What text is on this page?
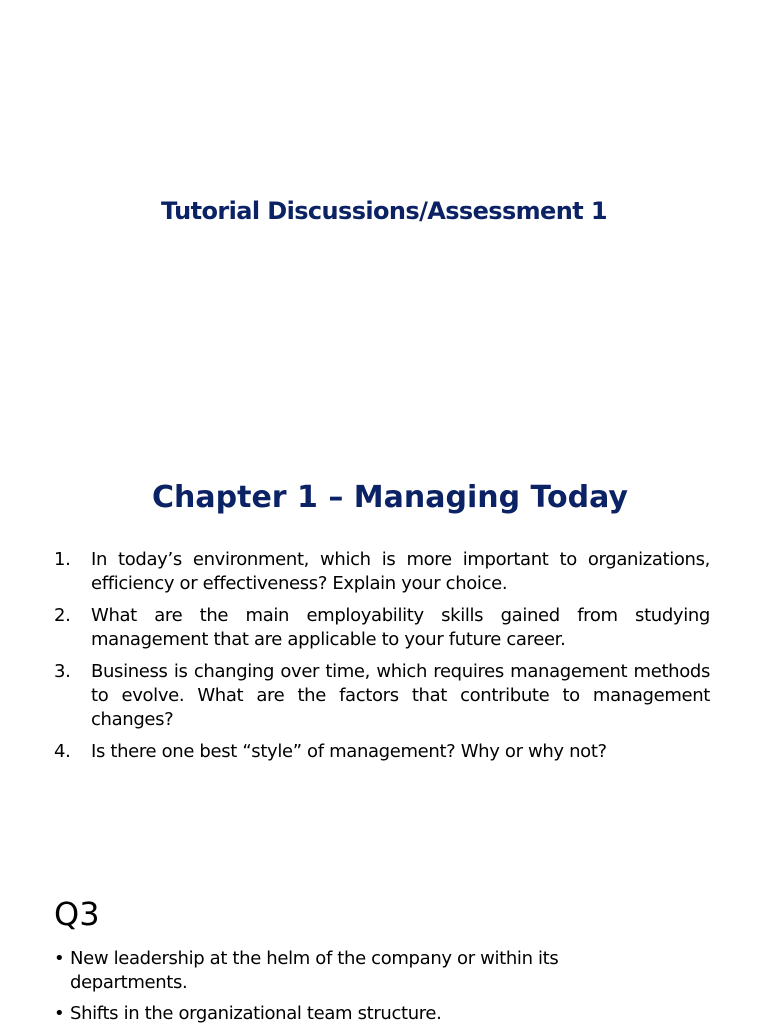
Tutorial Discussions/Assessment 1
Chapter 1 – Managing Today
1. In today’s environment, which is more important to organizations, efficiency or effectiveness? Explain your choice.
2. What are the main employability skills gained from studying management that are applicable to your future career.
3. Business is changing over time, which requires management methods to evolve. What are the factors that contribute to management changes?
4. Is there one best “style” of management? Why or why not?
Q3
• New leadership at the helm of the company or within its departments.
• Shifts in the organizational team structure.
